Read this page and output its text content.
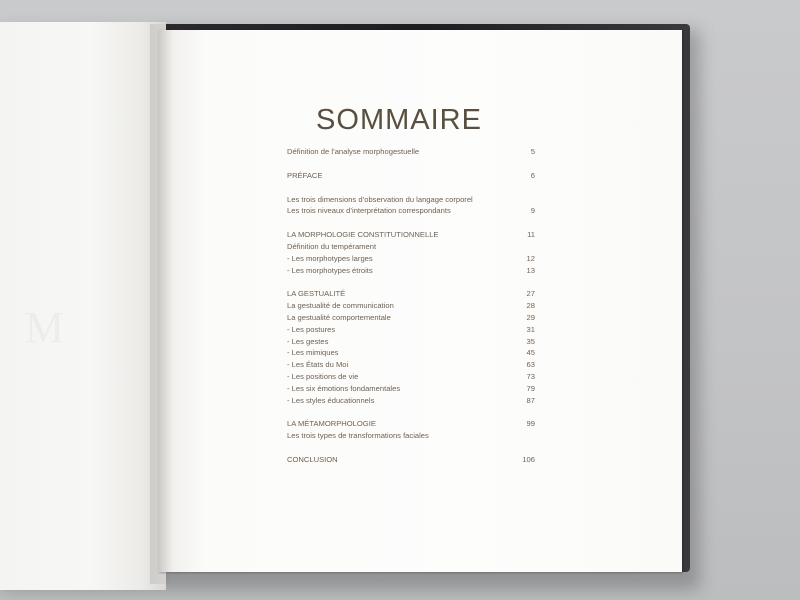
SOMMAIRE
Définition de l’analyse morphogestuelle	5
PRÉFACE	6
Les trois dimensions d’observation du langage corporel
Les trois niveaux d’interprétation correspondants	9
LA MORPHOLOGIE CONSTITUTIONNELLE	11
Définition du tempérament
- Les morphotypes larges	12
- Les morphotypes étroits	13
LA GESTUALITÉ	27
La gestualité de communication	28
La gestualité comportementale	29
- Les postures	31
- Les gestes	35
- Les mimiques	45
- Les États du Moi	63
- Les positions de vie	73
- Les six émotions fondamentales	79
- Les styles éducationnels	87
LA MÉTAMORPHOLOGIE	99
Les trois types de transformations faciales
CONCLUSION	106
